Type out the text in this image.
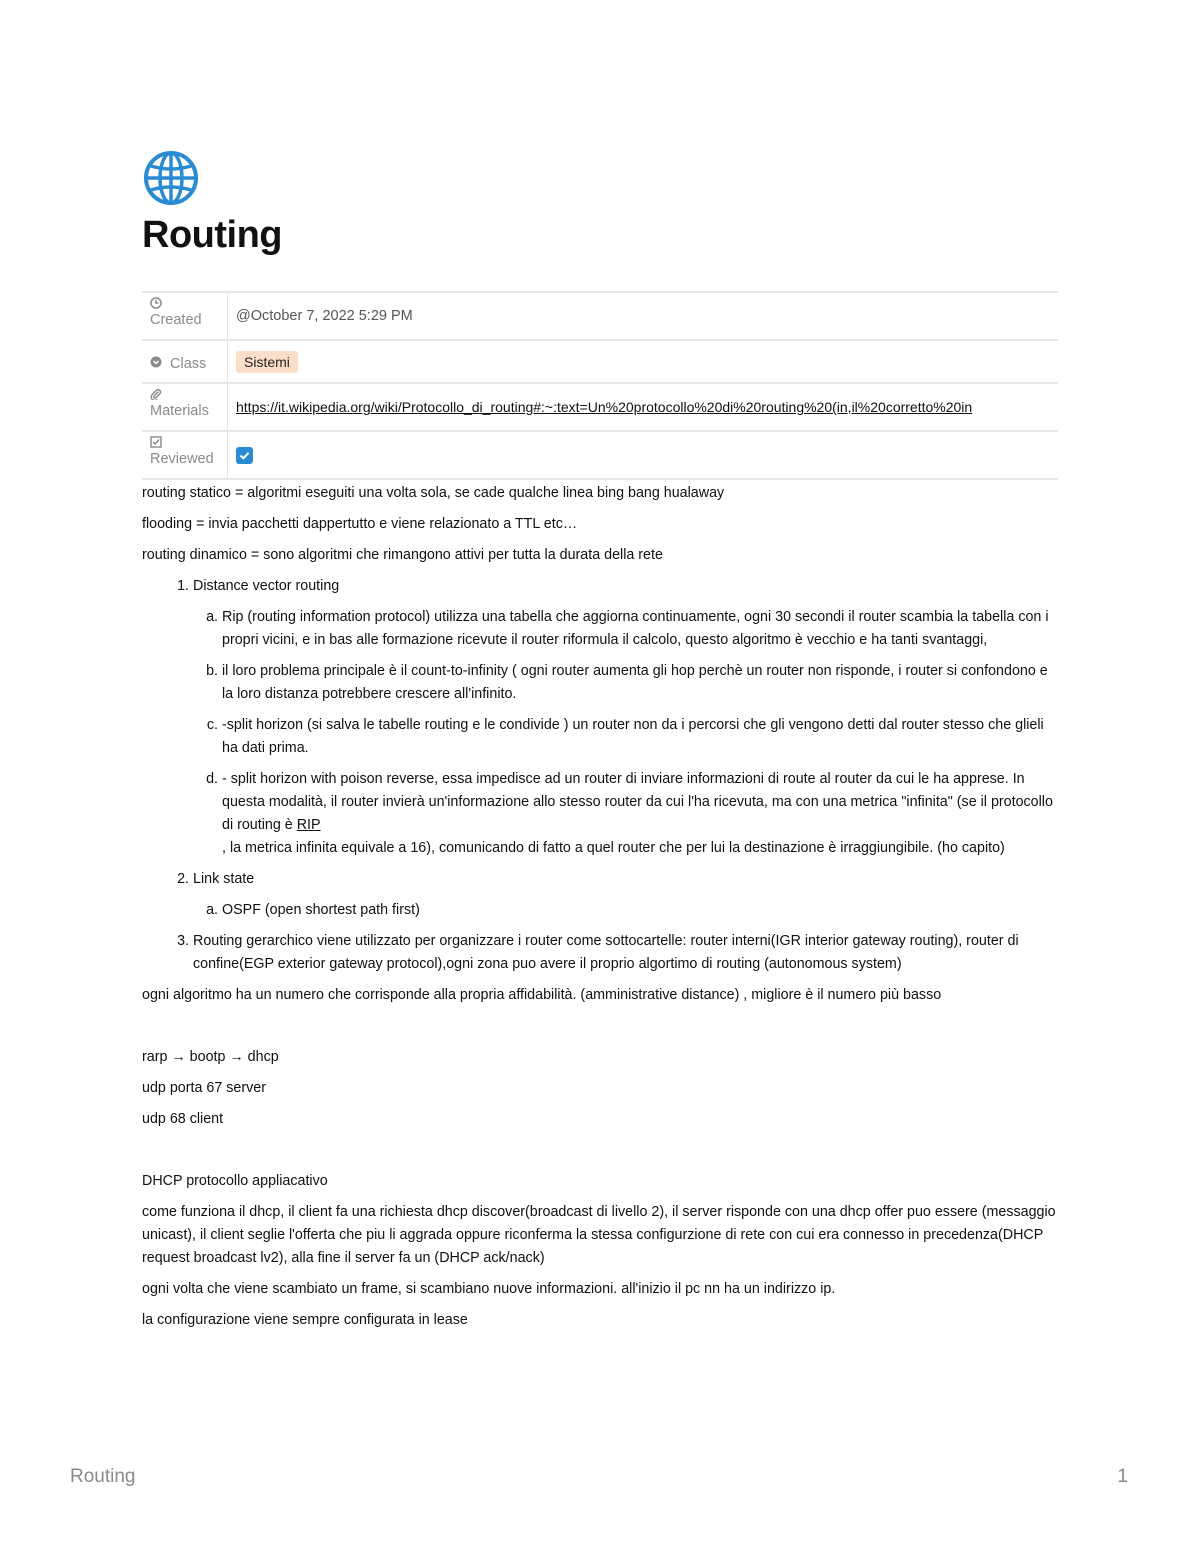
Routing
Created	@October 7, 2022 5:29 PM
Class	Sistemi
Materials	https://it.wikipedia.org/wiki/Protocollo_di_routing#:~:text=Un%20protocollo%20di%20routing%20(in,il%20corretto%20in
Reviewed

routing statico = algoritmi eseguiti una volta sola, se cade qualche linea bing bang hualaway

flooding = invia pacchetti dappertutto e viene relazionato a TTL etc…

routing dinamico = sono algoritmi che rimangono attivi per tutta la durata della rete

1. Distance vector routing
a. Rip (routing information protocol) utilizza una tabella che aggiorna continuamente, ogni 30 secondi il router scambia la tabella con i propri vicini, e in bas alle formazione ricevute il router riformula il calcolo, questo algoritmo è vecchio e ha tanti svantaggi,
b. il loro problema principale è il count-to-infinity ( ogni router aumenta gli hop perchè un router non risponde, i router si confondono e la loro distanza potrebbere crescere all'infinito.
c. -split horizon (si salva le tabelle routing e le condivide ) un router non da i percorsi che gli vengono detti dal router stesso che glieli ha dati prima.
d. - split horizon with poison reverse, essa impedisce ad un router di inviare informazioni di route al router da cui le ha apprese. In questa modalità, il router invierà un'informazione allo stesso router da cui l'ha ricevuta, ma con una metrica "infinita" (se il protocollo di routing è RIP
, la metrica infinita equivale a 16), comunicando di fatto a quel router che per lui la destinazione è irraggiungibile. (ho capito)
2. Link state
a. OSPF (open shortest path first)
3. Routing gerarchico viene utilizzato per organizzare i router come sottocartelle: router interni(IGR interior gateway routing), router di confine(EGP exterior gateway protocol),ogni zona puo avere il proprio algortimo di routing (autonomous system)

ogni algoritmo ha un numero che corrisponde alla propria affidabilità. (amministrative distance) , migliore è il numero più basso

rarp → bootp → dhcp

udp porta 67 server

udp 68 client

DHCP protocollo appliacativo

come funziona il dhcp, il client fa una richiesta dhcp discover(broadcast di livello 2), il server risponde con una dhcp offer puo essere (messaggio unicast), il client seglie l'offerta che piu li aggrada oppure riconferma la stessa configurzione di rete con cui era connesso in precedenza(DHCP request broadcast lv2), alla fine il server fa un (DHCP ack/nack)

ogni volta che viene scambiato un frame, si scambiano nuove informazioni. all'inizio il pc nn ha un indirizzo ip.

la configurazione viene sempre configurata in lease

Routing	1
